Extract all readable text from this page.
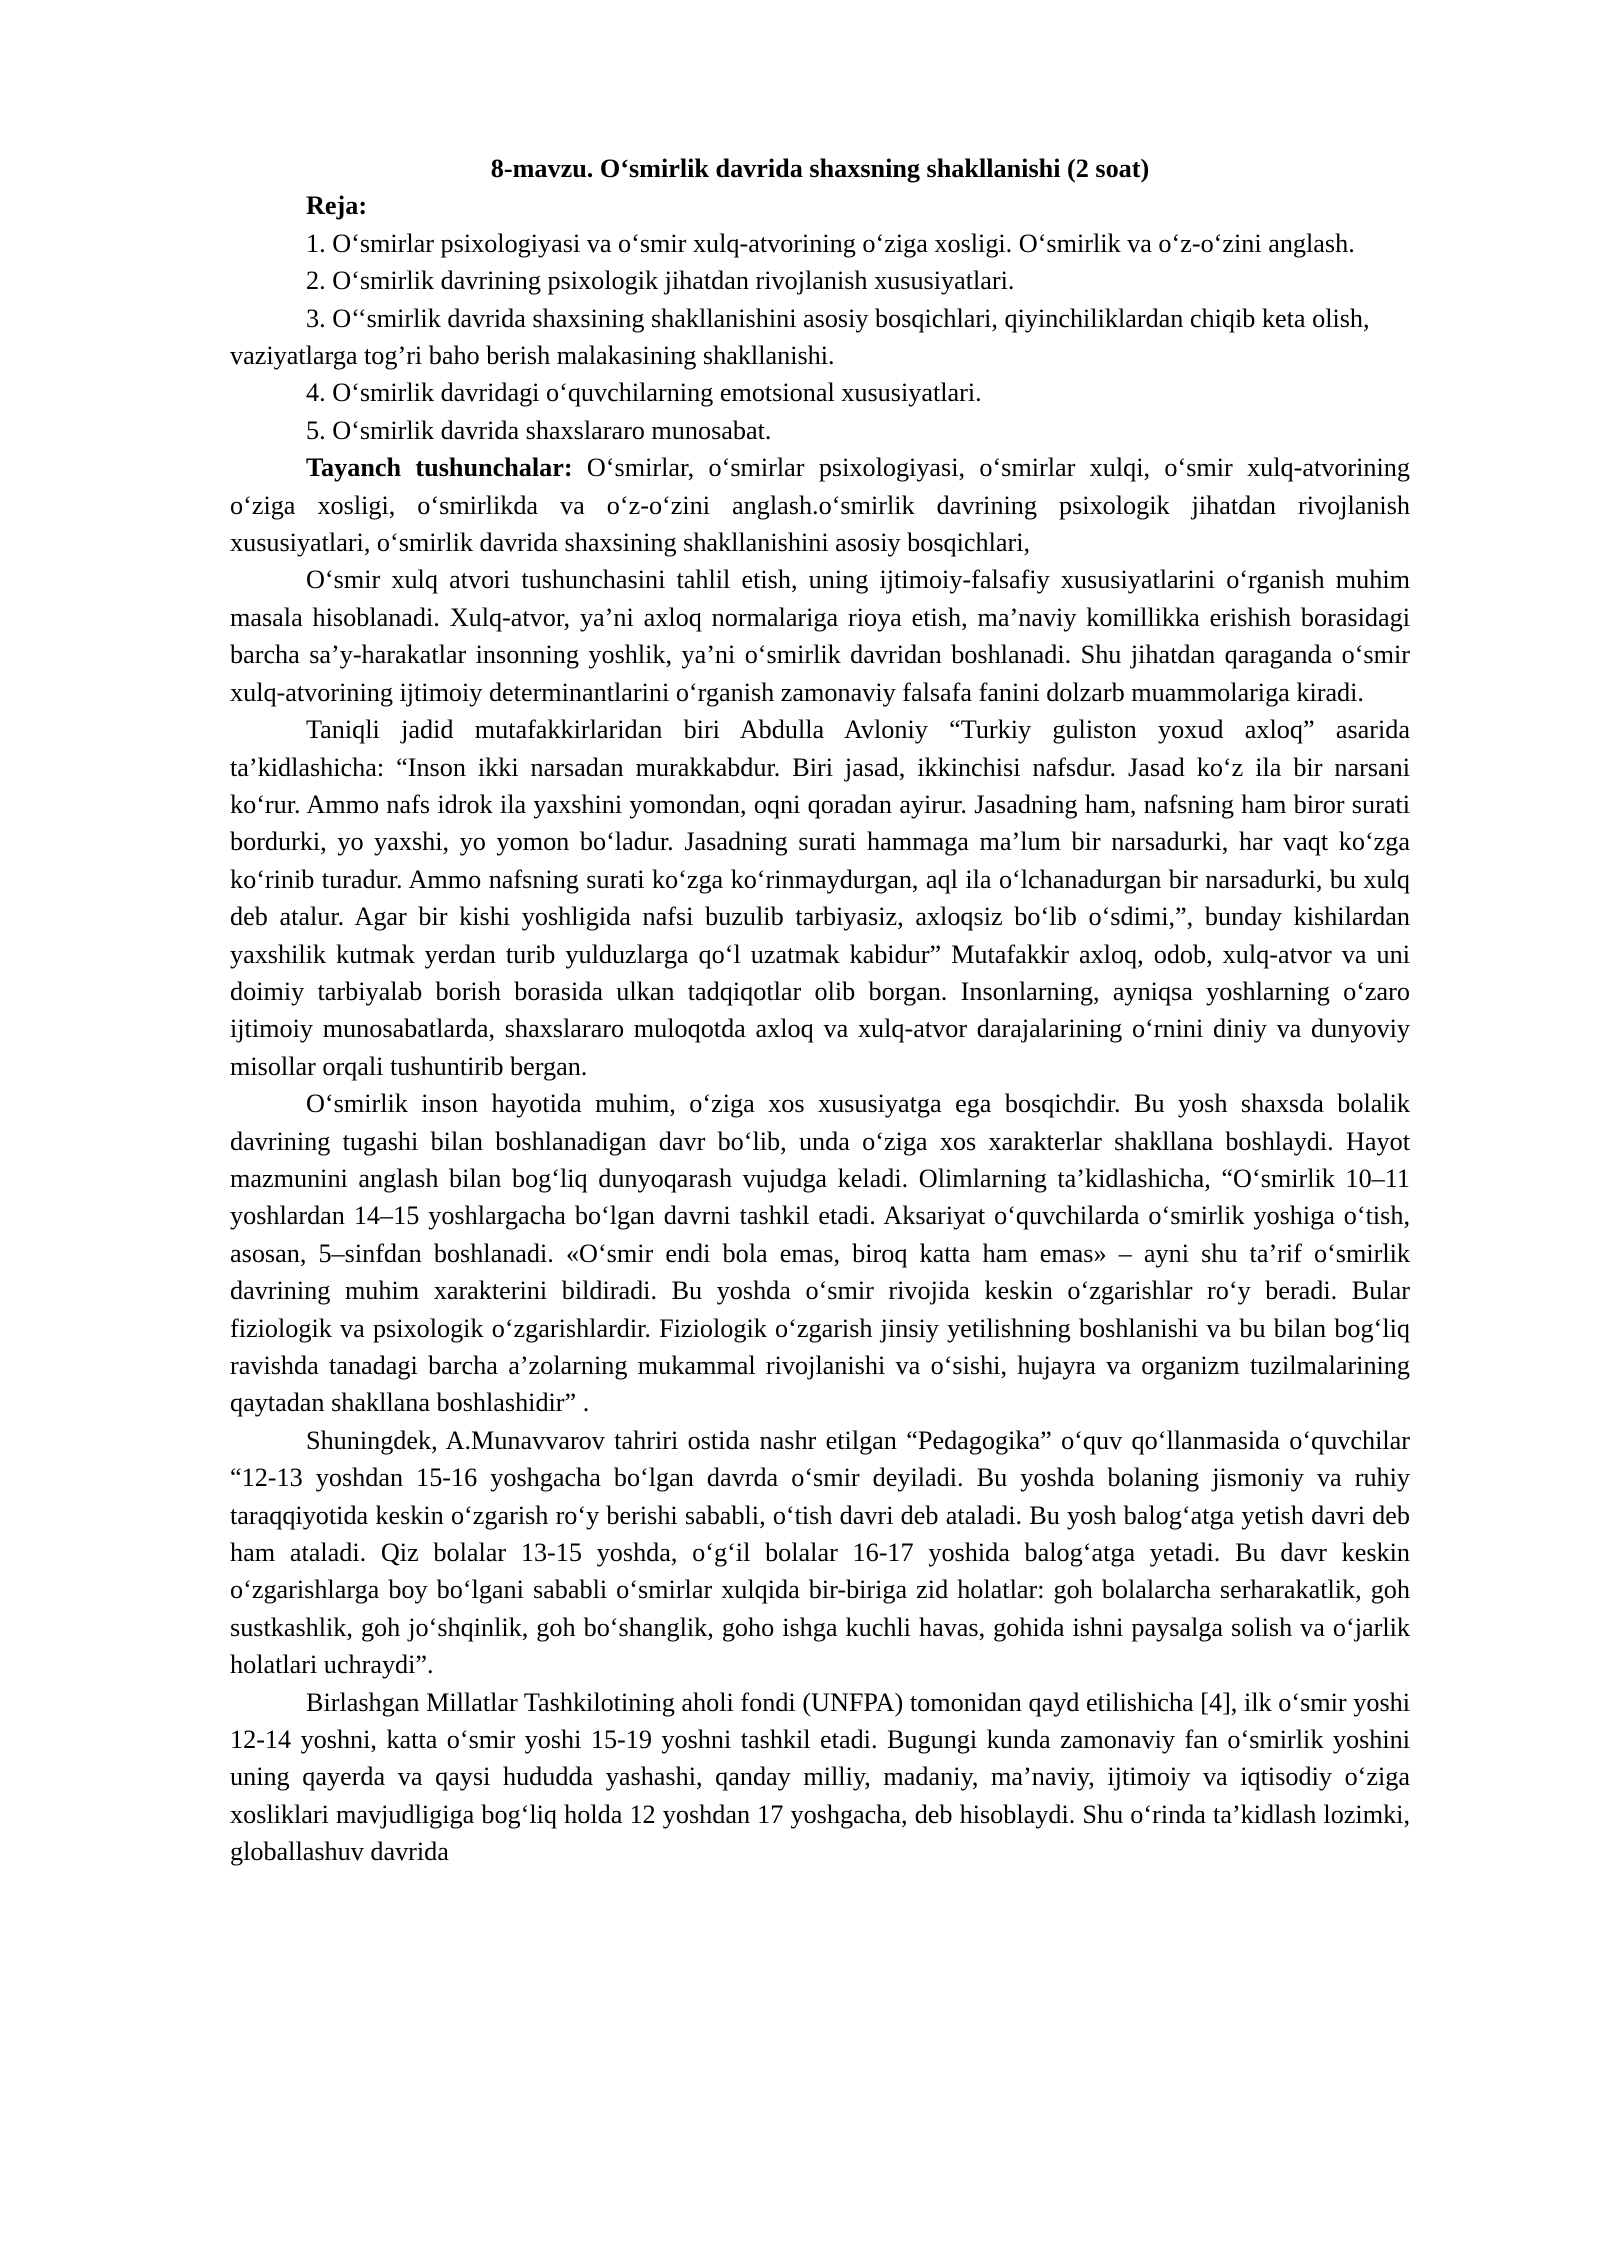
8-mavzu. O‘smirlik davrida shaxsning shakllanishi (2 soat)

Reja:

1. O‘smirlar psixologiyasi va o‘smir xulq-atvorining o‘ziga xosligi. O‘smirlik va o‘z-o‘zini anglash.

2. O‘smirlik davrining psixologik jihatdan rivojlanish xususiyatlari.

3. O‘‘smirlik davrida shaxsining shakllanishini asosiy bosqichlari, qiyinchiliklardan chiqib keta olish, vaziyatlarga tog’ri baho berish malakasining shakllanishi.

4. O‘smirlik davridagi o‘quvchilarning emotsional xususiyatlari.

5. O‘smirlik davrida shaxslararo munosabat.

Tayanch tushunchalar: O‘smirlar, o‘smirlar psixologiyasi, o‘smirlar xulqi, o‘smir xulq-atvorining o‘ziga xosligi, o‘smirlikda va o‘z-o‘zini anglash.o‘smirlik davrining psixologik jihatdan rivojlanish xususiyatlari, o‘smirlik davrida shaxsining shakllanishini asosiy bosqichlari,

O‘smir xulq atvori tushunchasini tahlil etish, uning ijtimoiy-falsafiy xususiyatlarini o‘rganish muhim masala hisoblanadi. Xulq-atvor, ya’ni axloq normalariga rioya etish, ma’naviy komillikka erishish borasidagi barcha sa’y-harakatlar insonning yoshlik, ya’ni o‘smirlik davridan boshlanadi. Shu jihatdan qaraganda o‘smir xulq-atvorining ijtimoiy determinantlarini o‘rganish zamonaviy falsafa fanini dolzarb muammolariga kiradi.

Taniqli jadid mutafakkirlaridan biri Abdulla Avloniy “Turkiy guliston yoxud axloq” asarida ta’kidlashicha: “Inson ikki narsadan murakkabdur. Biri jasad, ikkinchisi nafsdur. Jasad ko‘z ila bir narsani ko‘rur. Ammo nafs idrok ila yaxshini yomondan, oqni qoradan ayirur. Jasadning ham, nafsning ham biror surati bordurki, yo yaxshi, yo yomon bo‘ladur. Jasadning surati hammaga ma’lum bir narsadurki, har vaqt ko‘zga ko‘rinib turadur. Ammo nafsning surati ko‘zga ko‘rinmaydurgan, aql ila o‘lchanadurgan bir narsadurki, bu xulq deb atalur. Agar bir kishi yoshligida nafsi buzulib tarbiyasiz, axloqsiz bo‘lib o‘sdimi,”, bunday kishilardan yaxshilik kutmak yerdan turib yulduzlarga qo‘l uzatmak kabidur” Mutafakkir axloq, odob, xulq-atvor va uni doimiy tarbiyalab borish borasida ulkan tadqiqotlar olib borgan. Insonlarning, ayniqsa yoshlarning o‘zaro ijtimoiy munosabatlarda, shaxslararo muloqotda axloq va xulq-atvor darajalarining o‘rnini diniy va dunyoviy misollar orqali tushuntirib bergan.

O‘smirlik inson hayotida muhim, o‘ziga xos xususiyatga ega bosqichdir. Bu yosh shaxsda bolalik davrining tugashi bilan boshlanadigan davr bo‘lib, unda o‘ziga xos xarakterlar shakllana boshlaydi. Hayot mazmunini anglash bilan bog‘liq dunyoqarash vujudga keladi. Olimlarning ta’kidlashicha, “O‘smirlik 10–11 yoshlardan 14–15 yoshlargacha bo‘lgan davrni tashkil etadi. Aksariyat o‘quvchilarda o‘smirlik yoshiga o‘tish, asosan, 5–sinfdan boshlanadi. «O‘smir endi bola emas, biroq katta ham emas» – ayni shu ta’rif o‘smirlik davrining muhim xarakterini bildiradi. Bu yoshda o‘smir rivojida keskin o‘zgarishlar ro‘y beradi. Bular fiziologik va psixologik o‘zgarishlardir. Fiziologik o‘zgarish jinsiy yetilishning boshlanishi va bu bilan bog‘liq ravishda tanadagi barcha a’zolarning mukammal rivojlanishi va o‘sishi, hujayra va organizm tuzilmalarining qaytadan shakllana boshlashidir” .

Shuningdek, A.Munavvarov tahriri ostida nashr etilgan “Pedagogika” o‘quv qo‘llanmasida o‘quvchilar “12-13 yoshdan 15-16 yoshgacha bo‘lgan davrda o‘smir deyiladi. Bu yoshda bolaning jismoniy va ruhiy taraqqiyotida keskin o‘zgarish ro‘y berishi sababli, o‘tish davri deb ataladi. Bu yosh balog‘atga yetish davri deb ham ataladi. Qiz bolalar 13-15 yoshda, o‘g‘il bolalar 16-17 yoshida balog‘atga yetadi. Bu davr keskin o‘zgarishlarga boy bo‘lgani sababli o‘smirlar xulqida bir-biriga zid holatlar: goh bolalarcha serharakatlik, goh sustkashlik, goh jo‘shqinlik, goh bo‘shanglik, goho ishga kuchli havas, gohida ishni paysalga solish va o‘jarlik holatlari uchraydi”.

Birlashgan Millatlar Tashkilotining aholi fondi (UNFPA) tomonidan qayd etilishicha [4], ilk o‘smir yoshi 12-14 yoshni, katta o‘smir yoshi 15-19 yoshni tashkil etadi. Bugungi kunda zamonaviy fan o‘smirlik yoshini uning qayerda va qaysi hududda yashashi, qanday milliy, madaniy, ma’naviy, ijtimoiy va iqtisodiy o‘ziga xosliklari mavjudligiga bog‘liq holda 12 yoshdan 17 yoshgacha, deb hisoblaydi. Shu o‘rinda ta’kidlash lozimki, globallashuv davrida
